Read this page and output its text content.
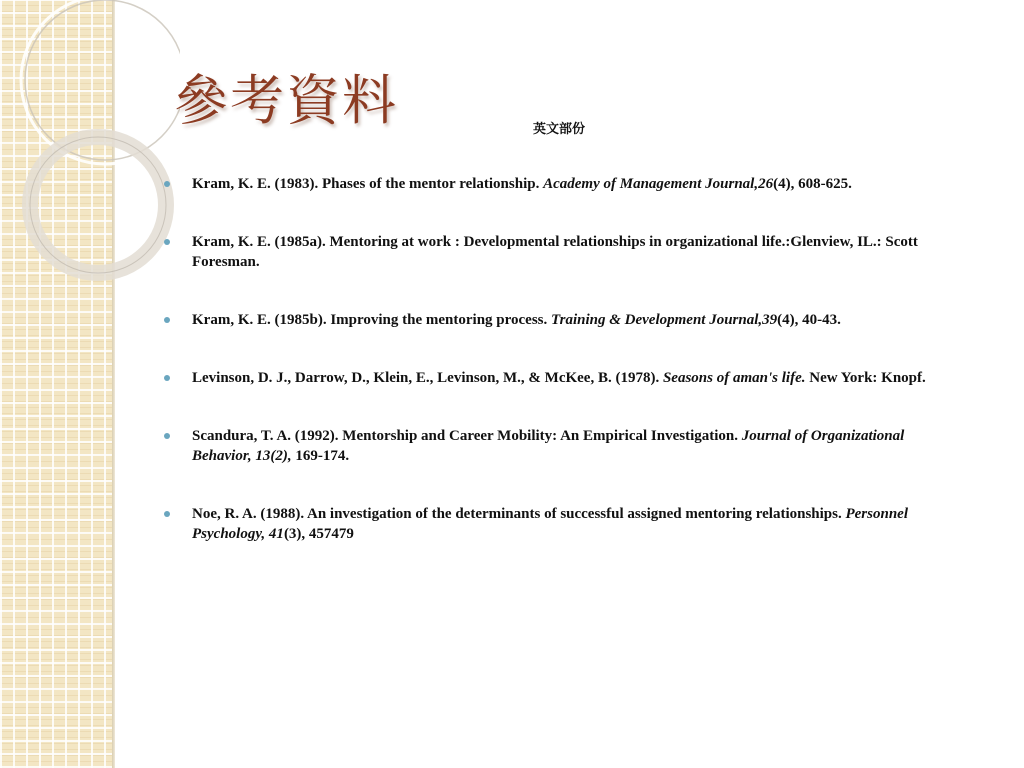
參考資料	英文部份
Kram, K. E. (1983). Phases of the mentor relationship. Academy of Management Journal,26(4), 608-625.
Kram, K. E. (1985a). Mentoring at work : Developmental relationships in organizational life.:Glenview, IL.: Scott Foresman.
Kram, K. E. (1985b). Improving the mentoring process. Training & Development Journal,39(4), 40-43.
Levinson, D. J., Darrow, D., Klein, E., Levinson, M., & McKee, B. (1978). Seasons of aman's life. New York: Knopf.
Scandura, T. A. (1992). Mentorship and Career Mobility: An Empirical Investigation. Journal of Organizational Behavior, 13(2), 169-174.
Noe, R. A. (1988). An investigation of the determinants of successful assigned mentoring relationships. Personnel Psychology, 41(3), 457479
